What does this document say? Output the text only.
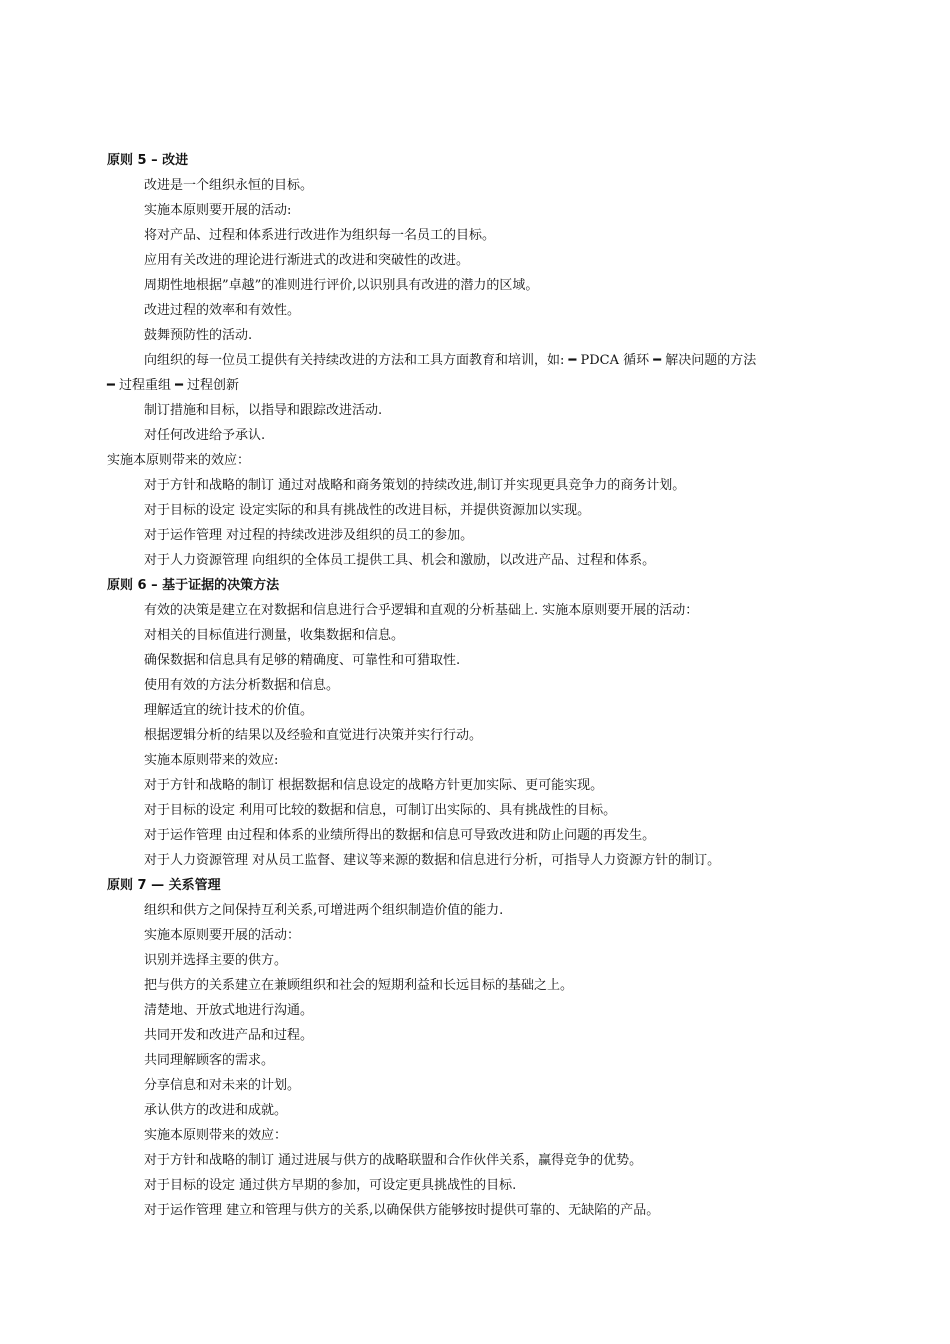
原则 5 – 改进
改进是一个组织永恒的目标。
实施本原则要开展的活动:
将对产品、过程和体系进行改进作为组织每一名员工的目标。
应用有关改进的理论进行渐进式的改进和突破性的改进。
周期性地根据”卓越”的准则进行评价,以识别具有改进的潜力的区域。
改进过程的效率和有效性。
鼓舞预防性的活动.
向组织的每一位员工提供有关持续改进的方法和工具方面教育和培训，如: ━ PDCA 循环 ━ 解决问题的方法
━ 过程重组 ━ 过程创新
制订措施和目标，以指导和跟踪改进活动.
对任何改进给予承认.
实施本原则带来的效应：
对于方针和战略的制订 通过对战略和商务策划的持续改进,制订并实现更具竞争力的商务计划。
对于目标的设定 设定实际的和具有挑战性的改进目标，并提供资源加以实现。
对于运作管理 对过程的持续改进涉及组织的员工的参加。
对于人力资源管理 向组织的全体员工提供工具、机会和激励，以改进产品、过程和体系。
原则 6 – 基于证据的决策方法
有效的决策是建立在对数据和信息进行合乎逻辑和直观的分析基础上. 实施本原则要开展的活动：
对相关的目标值进行测量，收集数据和信息。
确保数据和信息具有足够的精确度、可靠性和可猎取性.
使用有效的方法分析数据和信息。
理解适宜的统计技术的价值。
根据逻辑分析的结果以及经验和直觉进行决策并实行行动。
实施本原则带来的效应:
对于方针和战略的制订 根据数据和信息设定的战略方针更加实际、更可能实现。
对于目标的设定 利用可比较的数据和信息，可制订出实际的、具有挑战性的目标。
对于运作管理 由过程和体系的业绩所得出的数据和信息可导致改进和防止问题的再发生。
对于人力资源管理 对从员工监督、建议等来源的数据和信息进行分析，可指导人力资源方针的制订。
原则 7 — 关系管理
组织和供方之间保持互利关系,可增进两个组织制造价值的能力.
实施本原则要开展的活动：
识别并选择主要的供方。
把与供方的关系建立在兼顾组织和社会的短期利益和长远目标的基础之上。
清楚地、开放式地进行沟通。
共同开发和改进产品和过程。
共同理解顾客的需求。
分享信息和对未来的计划。
承认供方的改进和成就。
实施本原则带来的效应：
对于方针和战略的制订 通过进展与供方的战略联盟和合作伙伴关系，赢得竞争的优势。
对于目标的设定 通过供方早期的参加，可设定更具挑战性的目标.
对于运作管理 建立和管理与供方的关系,以确保供方能够按时提供可靠的、无缺陷的产品。
